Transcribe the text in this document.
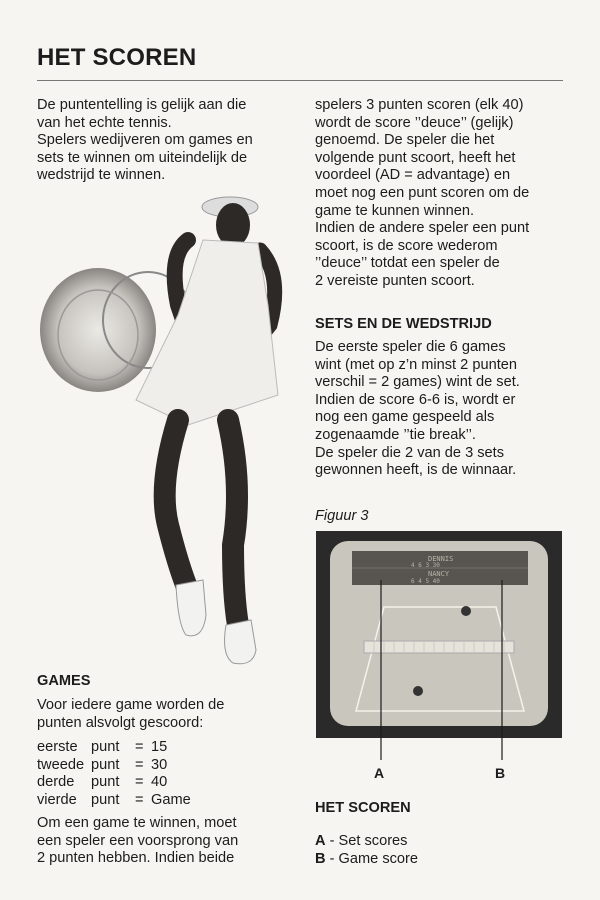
HET SCOREN

De puntentelling is gelijk aan die

van het echte tennis.

Spelers wedijveren om games en

sets te winnen om uiteindelijk de

wedstrijd te winnen.

spelers 3 punten scoren (elk 40)

wordt de score ’’deuce’’ (gelijk)

genoemd. De speler die het

volgende punt scoort, heeft het

voordeel (AD = advantage) en

moet nog een punt scoren om de

game te kunnen winnen.

Indien de andere speler een punt

scoort, is de score wederom

’’deuce’’ totdat een speler de

2 vereiste punten scoort.

SETS EN DE WEDSTRIJD

De eerste speler die 6 games

wint (met op z’n minst 2 punten

verschil = 2 games) wint de set.

Indien de score 6-6 is, wordt er

nog een game gespeeld als

zogenaamde ’’tie break’’.

De speler die 2 van de 3 sets

gewonnen heeft, is de winnaar.

Figuur 3
DENNIS
4 6 3 30
NANCY
6 4 5 40
A	B
GAMES

Voor iedere game worden de

punten alsvolgt gescoord:

eerste	punt	=	15
tweede	punt	=	30
derde	punt	=	40
vierde	punt	=	Game

Om een game te winnen, moet

een speler een voorsprong van

2 punten hebben. Indien beide

HET SCOREN
A - Set scores
B - Game score
